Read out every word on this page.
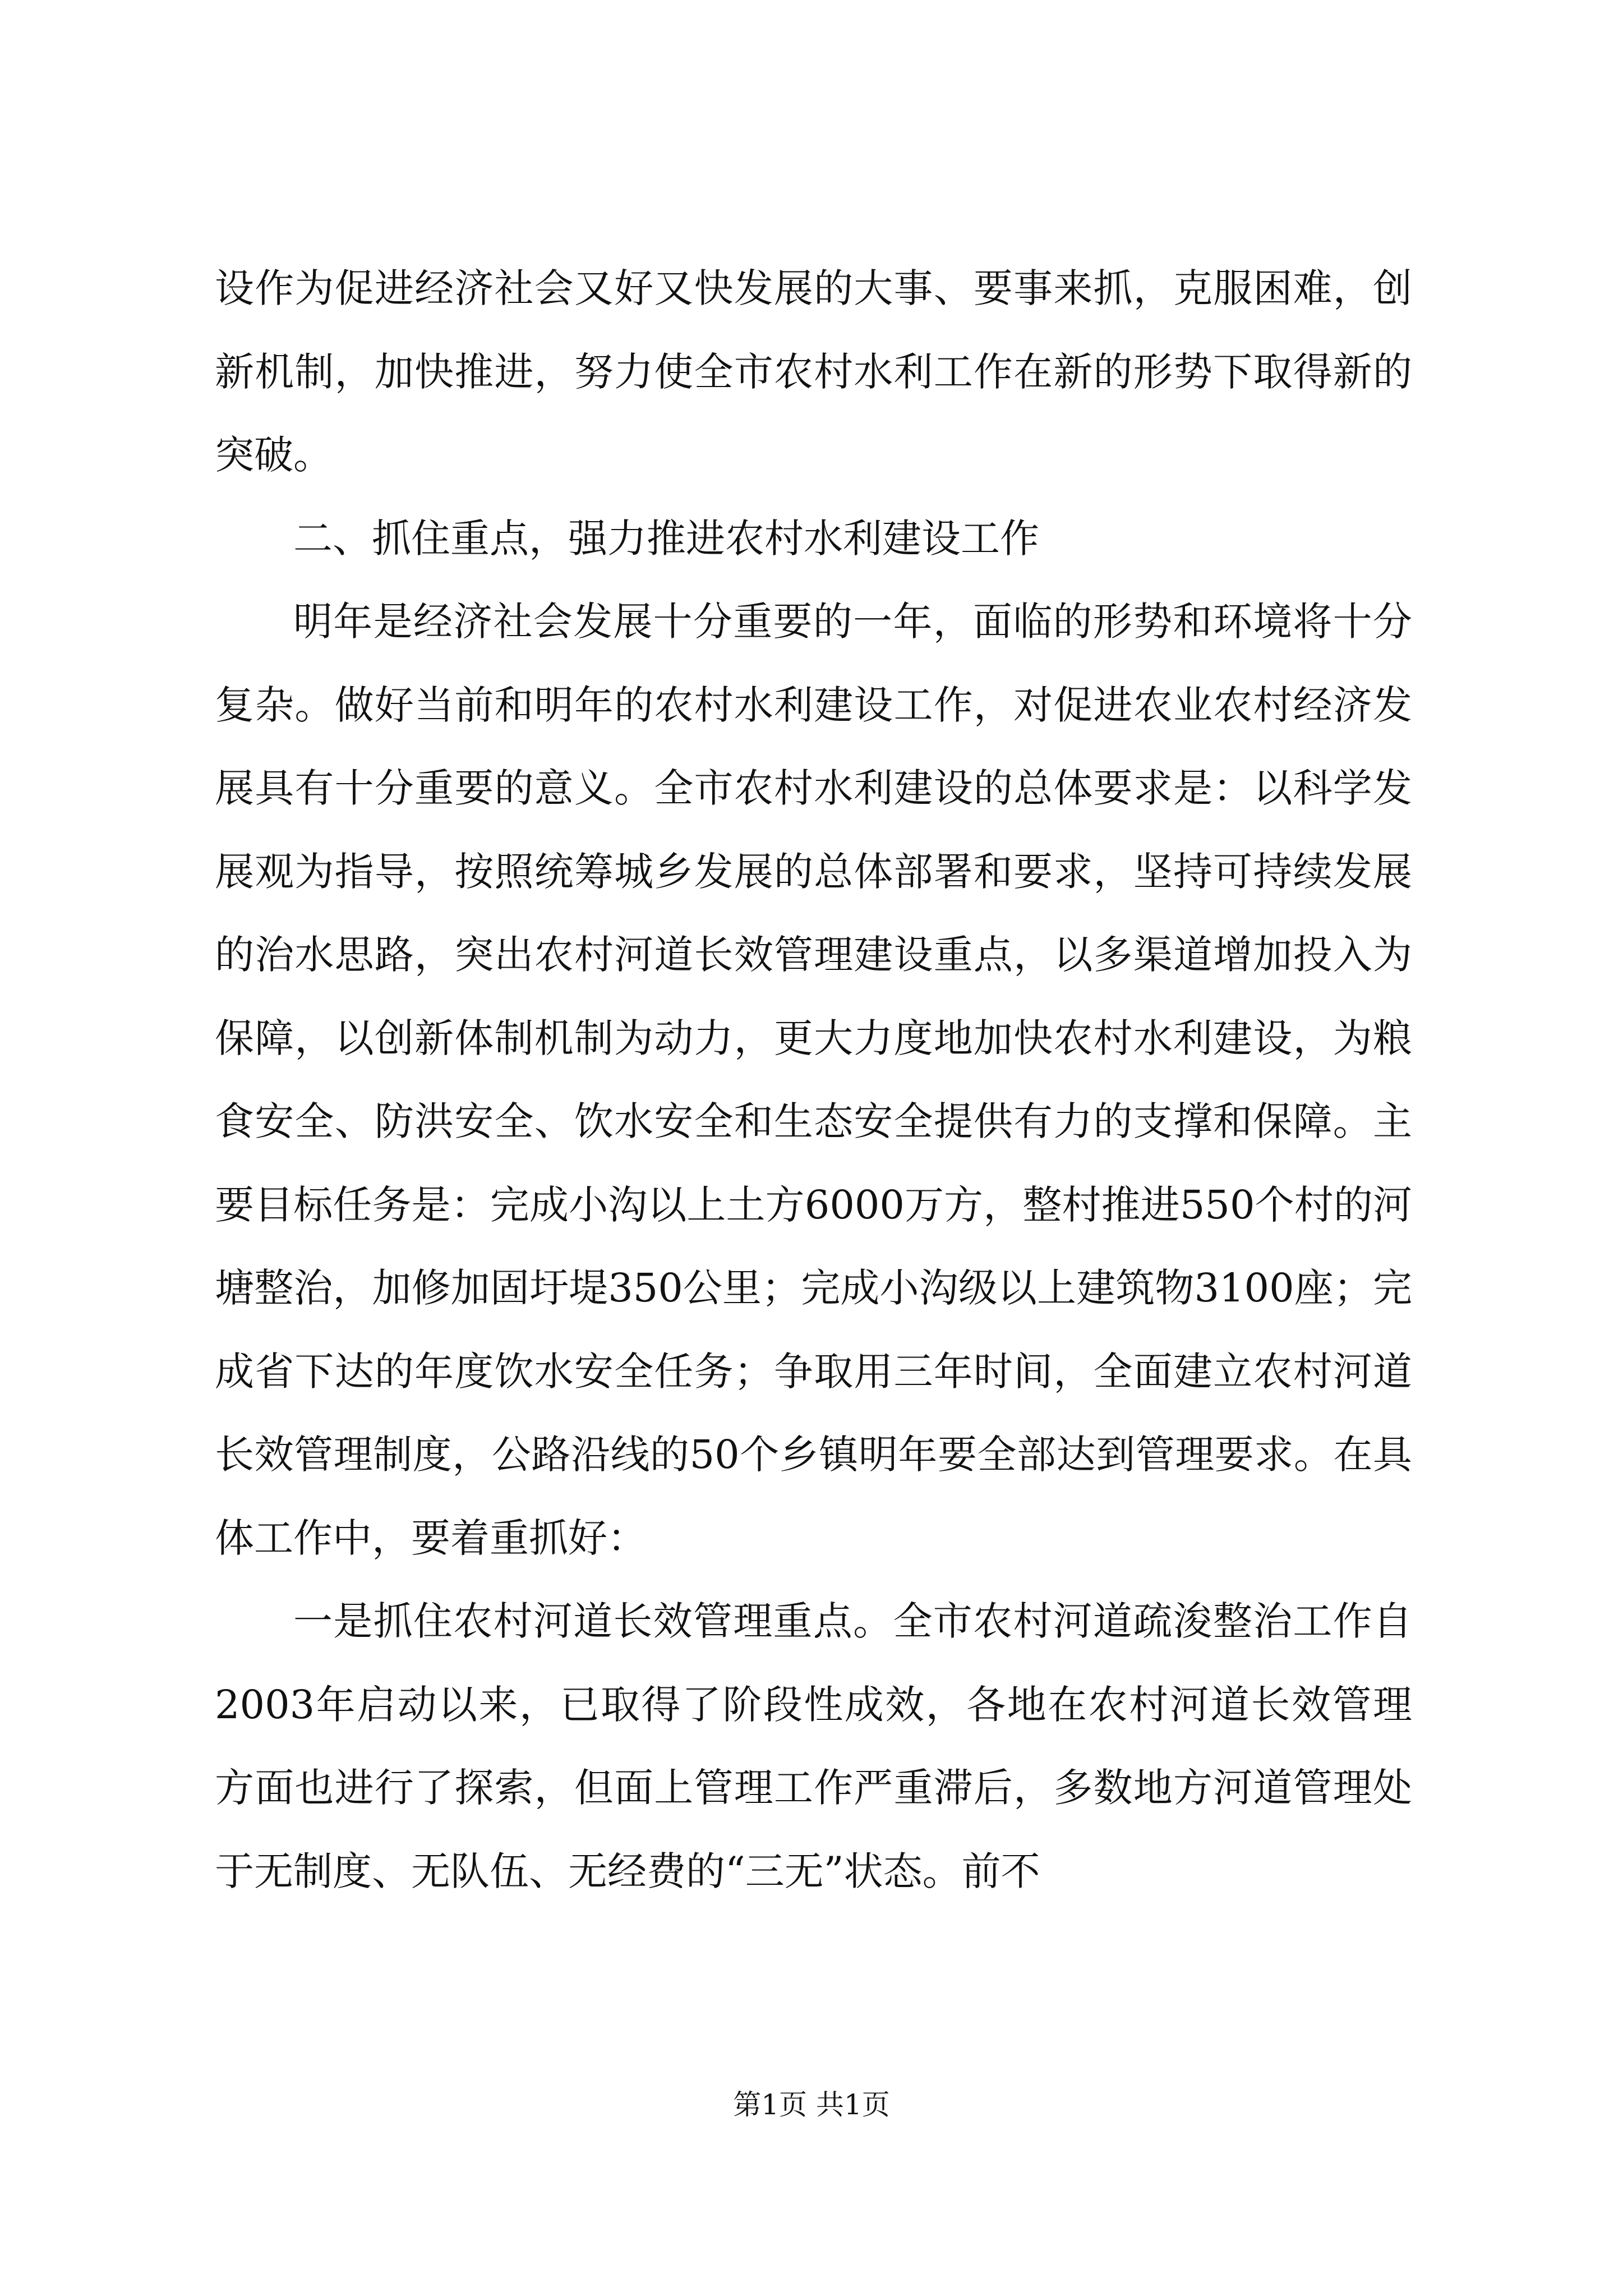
设作为促进经济社会又好又快发展的大事、要事来抓，克服困难，创新机制，加快推进，努力使全市农村水利工作在新的形势下取得新的突破。

二、抓住重点，强力推进农村水利建设工作

明年是经济社会发展十分重要的一年，面临的形势和环境将十分复杂。做好当前和明年的农村水利建设工作，对促进农业农村经济发展具有十分重要的意义。全市农村水利建设的总体要求是：以科学发展观为指导，按照统筹城乡发展的总体部署和要求，坚持可持续发展的治水思路，突出农村河道长效管理建设重点，以多渠道增加投入为保障，以创新体制机制为动力，更大力度地加快农村水利建设，为粮食安全、防洪安全、饮水安全和生态安全提供有力的支撑和保障。主要目标任务是：完成小沟以上土方6000万方，整村推进550个村的河塘整治，加修加固圩堤350公里；完成小沟级以上建筑物3100座；完成省下达的年度饮水安全任务；争取用三年时间，全面建立农村河道长效管理制度，公路沿线的50个乡镇明年要全部达到管理要求。在具体工作中，要着重抓好：

一是抓住农村河道长效管理重点。全市农村河道疏浚整治工作自2003年启动以来，已取得了阶段性成效，各地在农村河道长效管理方面也进行了探索，但面上管理工作严重滞后，多数地方河道管理处于无制度、无队伍、无经费的“三无”状态。前不

第1页 共1页
